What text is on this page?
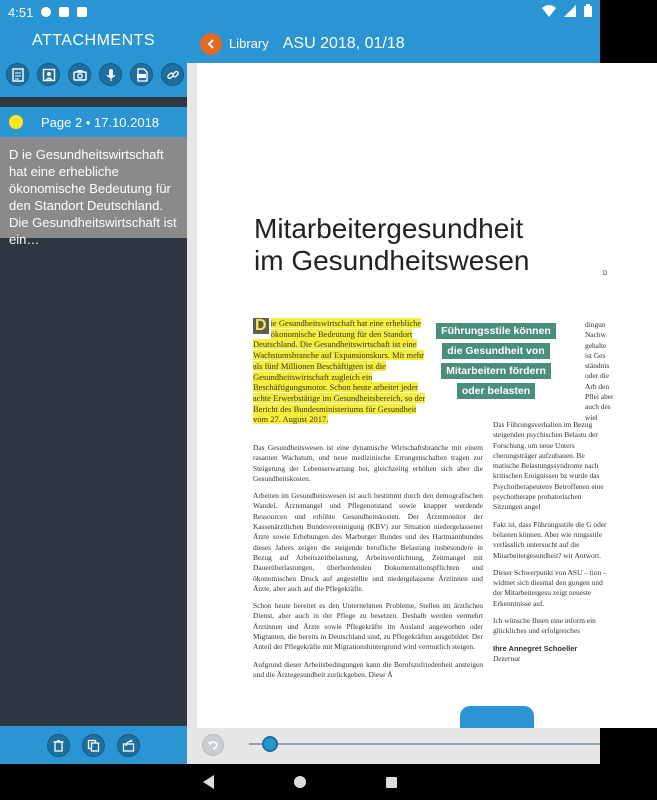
4:51
ATTACHMENTS
Page 2 • 17.10.2018
D ie Gesundheitswirtschaft hat eine erhebliche ökonomische Bedeutung für den Standort Deutschland. Die Gesundheitswirtschaft ist ein…
Library ASU 2018, 01/18
Mitarbeitergesundheit
im Gesundheitswesen
D ie Gesundheitswirtschaft hat eine erhebliche ökonomische Bedeutung für den Standort Deutschland. Die Gesundheitswirtschaft ist eine Wachstumsbranche auf Expansionskurs. Mit mehr als fünf Millionen Beschäftigten ist die Gesundheitswirtschaft zugleich ein Beschäftigungsmotor. Schon heute arbeitet jeder achte Erwerbstätige im Gesundheitsbereich, so der Bericht des Bundesministeriums für Gesundheit vom 27. August 2017.
Führungsstile können
die Gesundheit von
Mitarbeitern fördern
oder belasten

Das Gesundheitswesen ist eine dynamische Wirtschaftsbranche mit einem rasanten Wachstum, und neue medizinische Errungenschaften tragen zur Steigerung der Lebenserwartung bei, gleichzeitig erhöhen sich aber die Gesundheitskosten.

Arbeiten im Gesundheitswesen ist auch bestimmt durch den demografischen Wandel, Ärztemangel und Pflegenotstand sowie knapper werdende Ressourcen und erhöhte Gesundheitskosten. Der Ärztemonitor der Kassenärztlichen Bundesvereinigung (KBV) zur Situation niedergelassener Ärzte sowie Erhebungen des Marburger Bundes und des Hartmannbundes dieses Jahres zeigen die steigende berufliche Belastung insbesondere in Bezug auf Arbeitszeitbelastung, Arbeitsverdichtung, Zeitmangel mit Dauerüberlastungen, überbordenden Dokumentationspflichten und ökonomischen Druck auf angestellte und niedergelassene Ärztinnen und Ärzte, aber auch auf die Pflegekräfte.

Schon heute bereitet es den Unternehmen Probleme, Stellen im ärztlichen Dienst, aber auch in der Pflege zu besetzen. Deshalb werden vermehrt Ärztinnen und Ärzte sowie Pflegekräfte im Ausland angeworben oder Migranten, die bereits in Deutschland sind, zu Pflegekräften ausgebildet. Der Anteil der Pflegekräfte mit Migrationshintergrund wird vermutlich steigen.

Aufgrund dieser Arbeitsbedingungen kann die Berufszufriedenheit ansteigen und die Ärztegesundheit zurückgehen. Diese Ä

dingun Nachw gehalte ist Ges ständnis oder die Arb den Pflei aber auch des wiel
D

Das Führungsverhalten im Bezug steigenden psychischen Belastu der Forschung, um neue Unters cherungsträger aufzubauen. Be matische Belastungssyndrome nach kritischen Ereignissen bz wurde das Psychotherapeutenv Betroffenen eine psychotherape probatorischen Sitzungen angel

Fakt ist, dass Führungsstile die G oder belasten können. Aber wie rungsstile verlässlich untersucht auf die Mitarbeitergesundheit? wir Antwort.

Dieser Schwerpunkt von ASU – tion – widmet sich diesmal den gungen und der Mitarbeitergesu zeigt neueste Erkenntnisse auf.

Ich wünsche Ihnen eine inform ein glückliches und erfolgreiches

Ihre Annegret Schoeller

Dezernat
